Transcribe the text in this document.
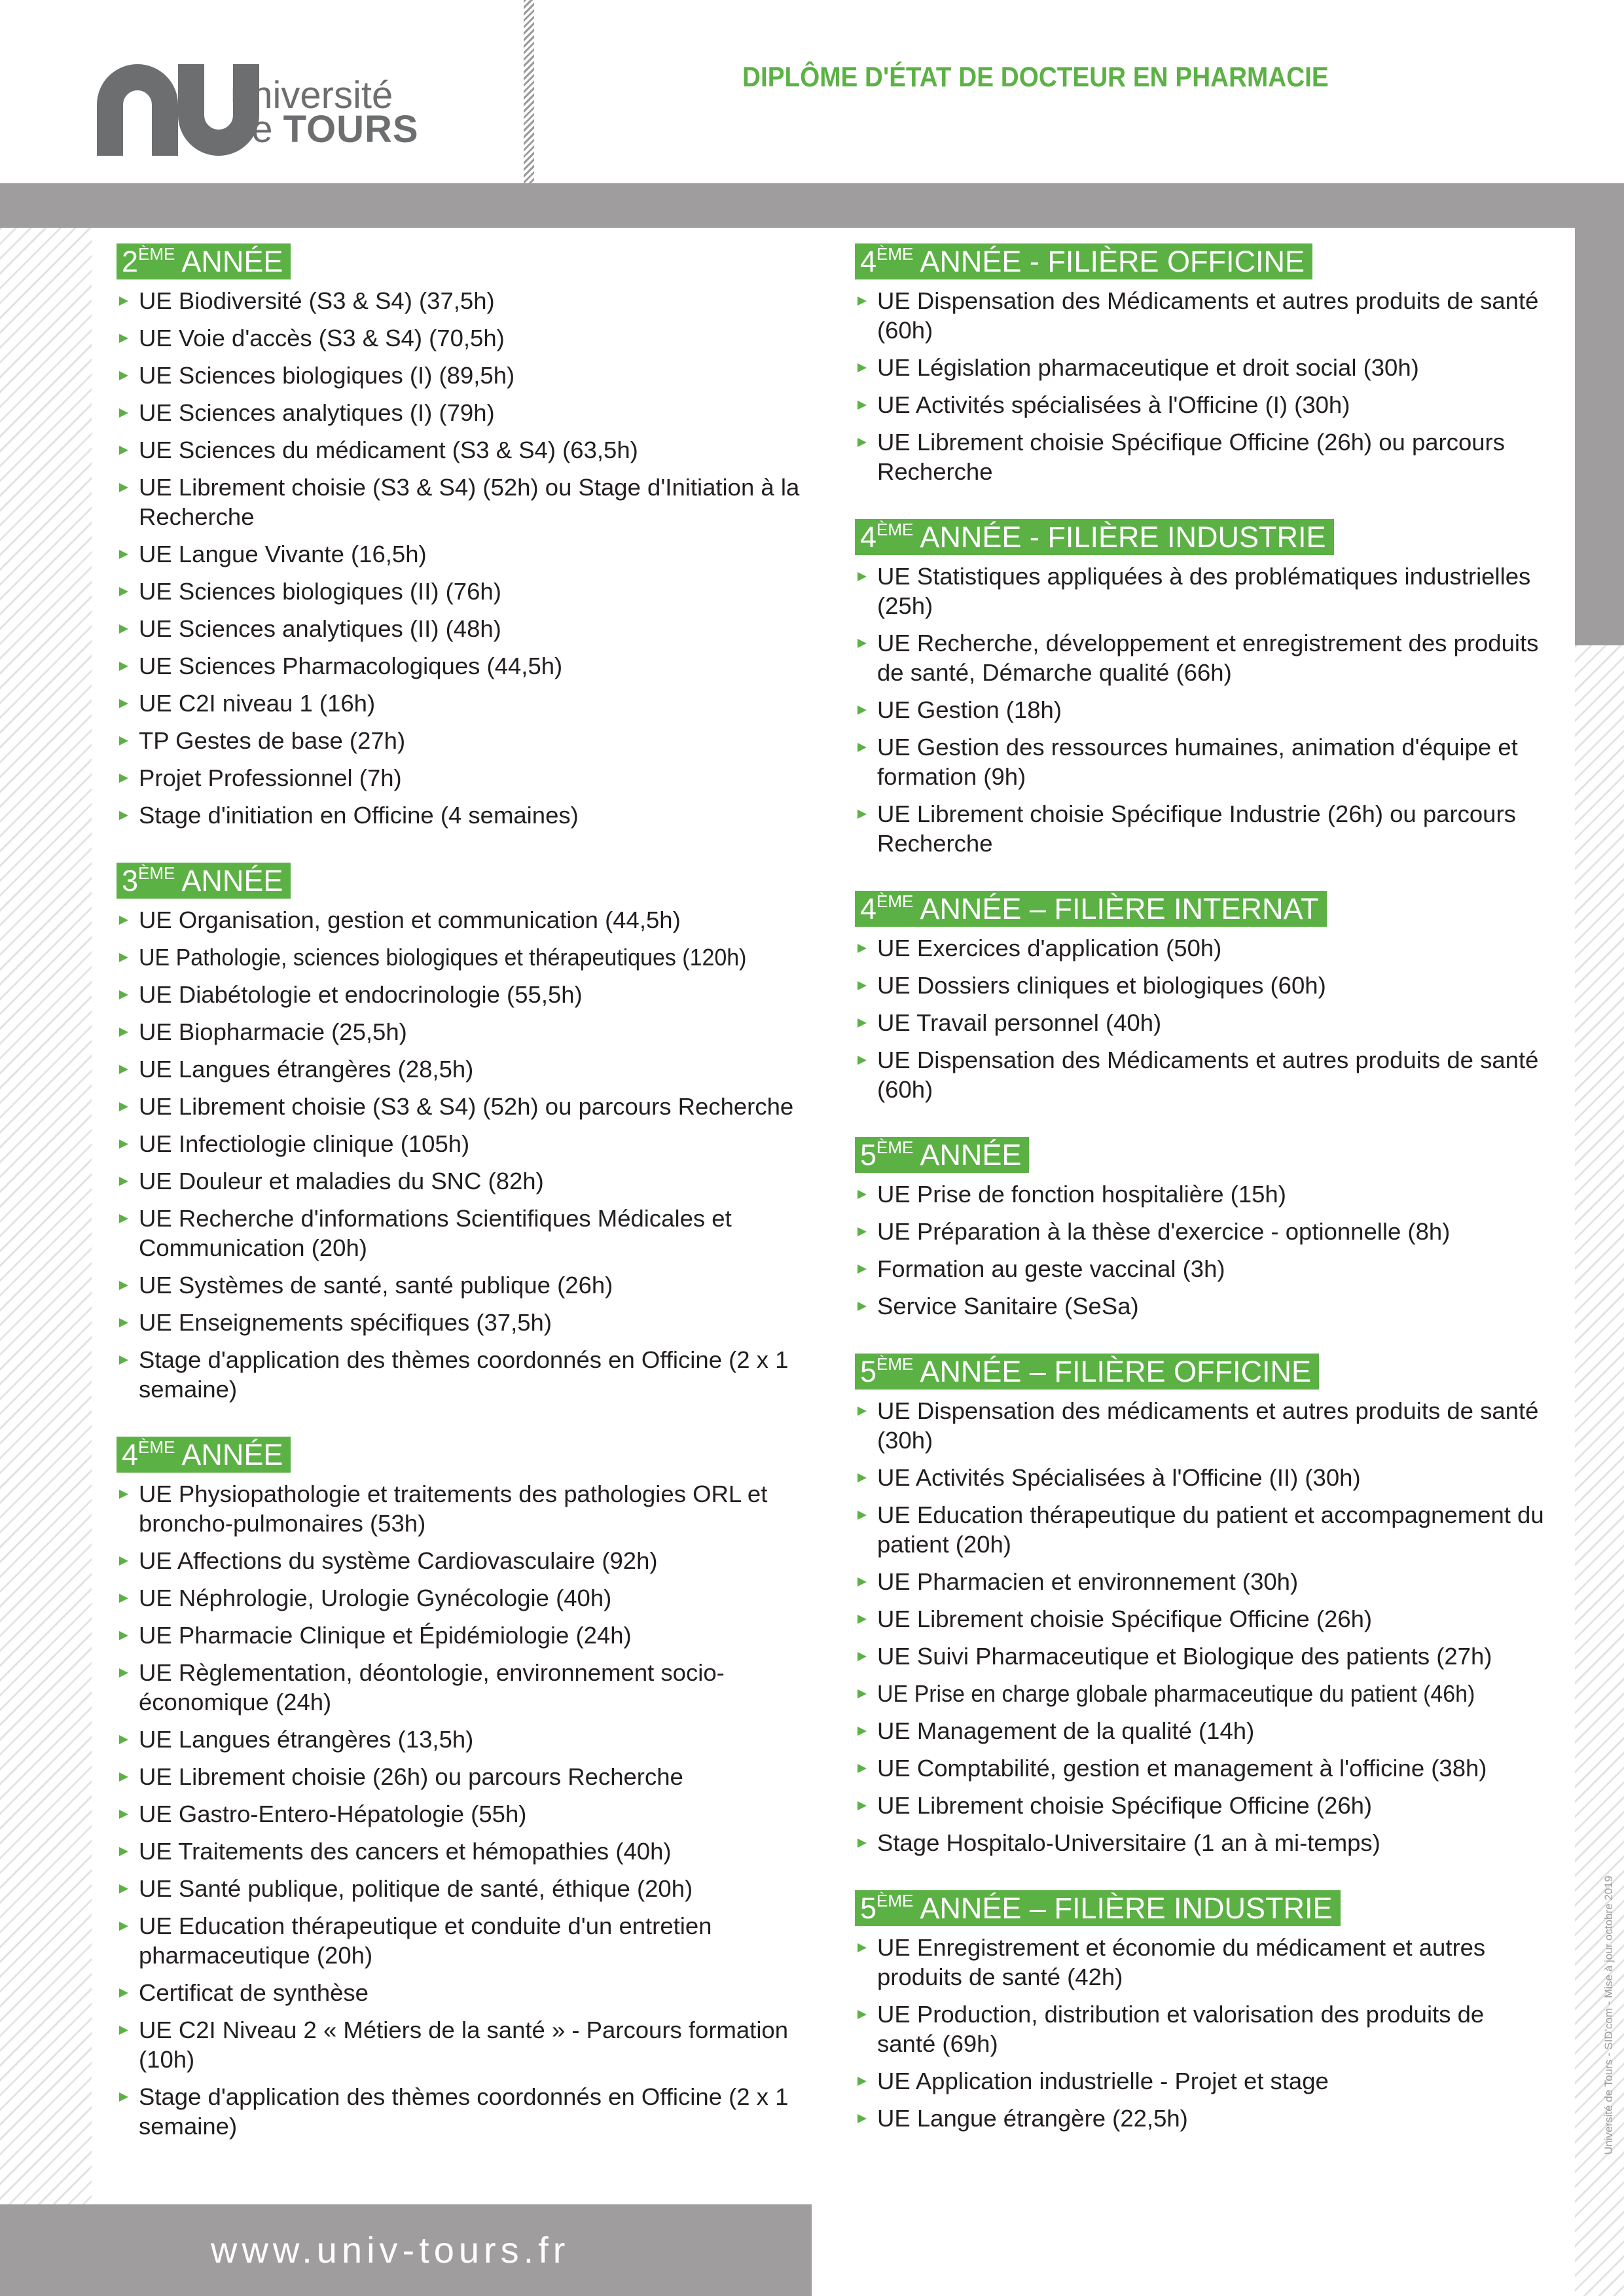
université
de TOURS
DIPLÔME D'ÉTAT DE DOCTEUR EN PHARMACIE
2ÈME ANNÉE
UE Biodiversité (S3 & S4) (37,5h)
UE Voie d'accès (S3 & S4) (70,5h)
UE Sciences biologiques (I) (89,5h)
UE Sciences analytiques (I) (79h)
UE Sciences du médicament (S3 & S4) (63,5h)
UE Librement choisie (S3 & S4) (52h) ou Stage d'Initiation à la Recherche
UE Langue Vivante (16,5h)
UE Sciences biologiques (II) (76h)
UE Sciences analytiques (II) (48h)
UE Sciences Pharmacologiques (44,5h)
UE C2I niveau 1 (16h)
TP Gestes de base (27h)
Projet Professionnel (7h)
Stage d'initiation en Officine (4 semaines)
3ÈME ANNÉE
UE Organisation, gestion et communication (44,5h)
UE Pathologie, sciences biologiques et thérapeutiques (120h)
UE Diabétologie et endocrinologie (55,5h)
UE Biopharmacie (25,5h)
UE Langues étrangères (28,5h)
UE Librement choisie (S3 & S4) (52h) ou parcours Recherche
UE Infectiologie clinique (105h)
UE Douleur et maladies du SNC (82h)
UE Recherche d'informations Scientifiques Médicales et Communication (20h)
UE Systèmes de santé, santé publique (26h)
UE Enseignements spécifiques (37,5h)
Stage d'application des thèmes coordonnés en Officine (2 x 1 semaine)
4ÈME ANNÉE
UE Physiopathologie et traitements des pathologies ORL et broncho-pulmonaires (53h)
UE Affections du système Cardiovasculaire (92h)
UE Néphrologie, Urologie Gynécologie (40h)
UE Pharmacie Clinique et Épidémiologie (24h)
UE Règlementation, déontologie, environnement socio-économique (24h)
UE Langues étrangères (13,5h)
UE Librement choisie (26h) ou parcours Recherche
UE Gastro-Entero-Hépatologie (55h)
UE Traitements des cancers et hémopathies (40h)
UE Santé publique, politique de santé, éthique (20h)
UE Education thérapeutique et conduite d'un entretien pharmaceutique (20h)
Certificat de synthèse
UE C2I Niveau 2 « Métiers de la santé » - Parcours formation (10h)
Stage d'application des thèmes coordonnés en Officine (2 x 1 semaine)
4ÈME ANNÉE - FILIÈRE OFFICINE
UE Dispensation des Médicaments et autres produits de santé (60h)
UE Législation pharmaceutique et droit social (30h)
UE Activités spécialisées à l'Officine (I) (30h)
UE Librement choisie Spécifique Officine (26h) ou parcours Recherche
4ÈME ANNÉE - FILIÈRE INDUSTRIE
UE Statistiques appliquées à des problématiques industrielles (25h)
UE Recherche, développement et enregistrement des produits de santé, Démarche qualité (66h)
UE Gestion (18h)
UE Gestion des ressources humaines, animation d'équipe et formation (9h)
UE Librement choisie Spécifique Industrie (26h) ou parcours Recherche
4ÈME ANNÉE – FILIÈRE INTERNAT
UE Exercices d'application (50h)
UE Dossiers cliniques et biologiques (60h)
UE Travail personnel (40h)
UE Dispensation des Médicaments et autres produits de santé (60h)
5ÈME ANNÉE
UE Prise de fonction hospitalière (15h)
UE Préparation à la thèse d'exercice - optionnelle (8h)
Formation au geste vaccinal (3h)
Service Sanitaire (SeSa)
5ÈME ANNÉE – FILIÈRE OFFICINE
UE Dispensation des médicaments et autres produits de santé (30h)
UE Activités Spécialisées à l'Officine (II) (30h)
UE Education thérapeutique du patient et accompagnement du patient (20h)
UE Pharmacien et environnement (30h)
UE Librement choisie Spécifique Officine (26h)
UE Suivi Pharmaceutique et Biologique des patients (27h)
UE Prise en charge globale pharmaceutique du patient (46h)
UE Management de la qualité (14h)
UE Comptabilité, gestion et management à l'officine (38h)
UE Librement choisie Spécifique Officine (26h)
Stage Hospitalo-Universitaire (1 an à mi-temps)
5ÈME ANNÉE – FILIÈRE INDUSTRIE
UE Enregistrement et économie du médicament et autres produits de santé (42h)
UE Production, distribution et valorisation des produits de santé (69h)
UE Application industrielle - Projet et stage
UE Langue étrangère (22,5h)
www.univ-tours.fr
Université de Tours - SID'com - Mise à jour octobre 2019
